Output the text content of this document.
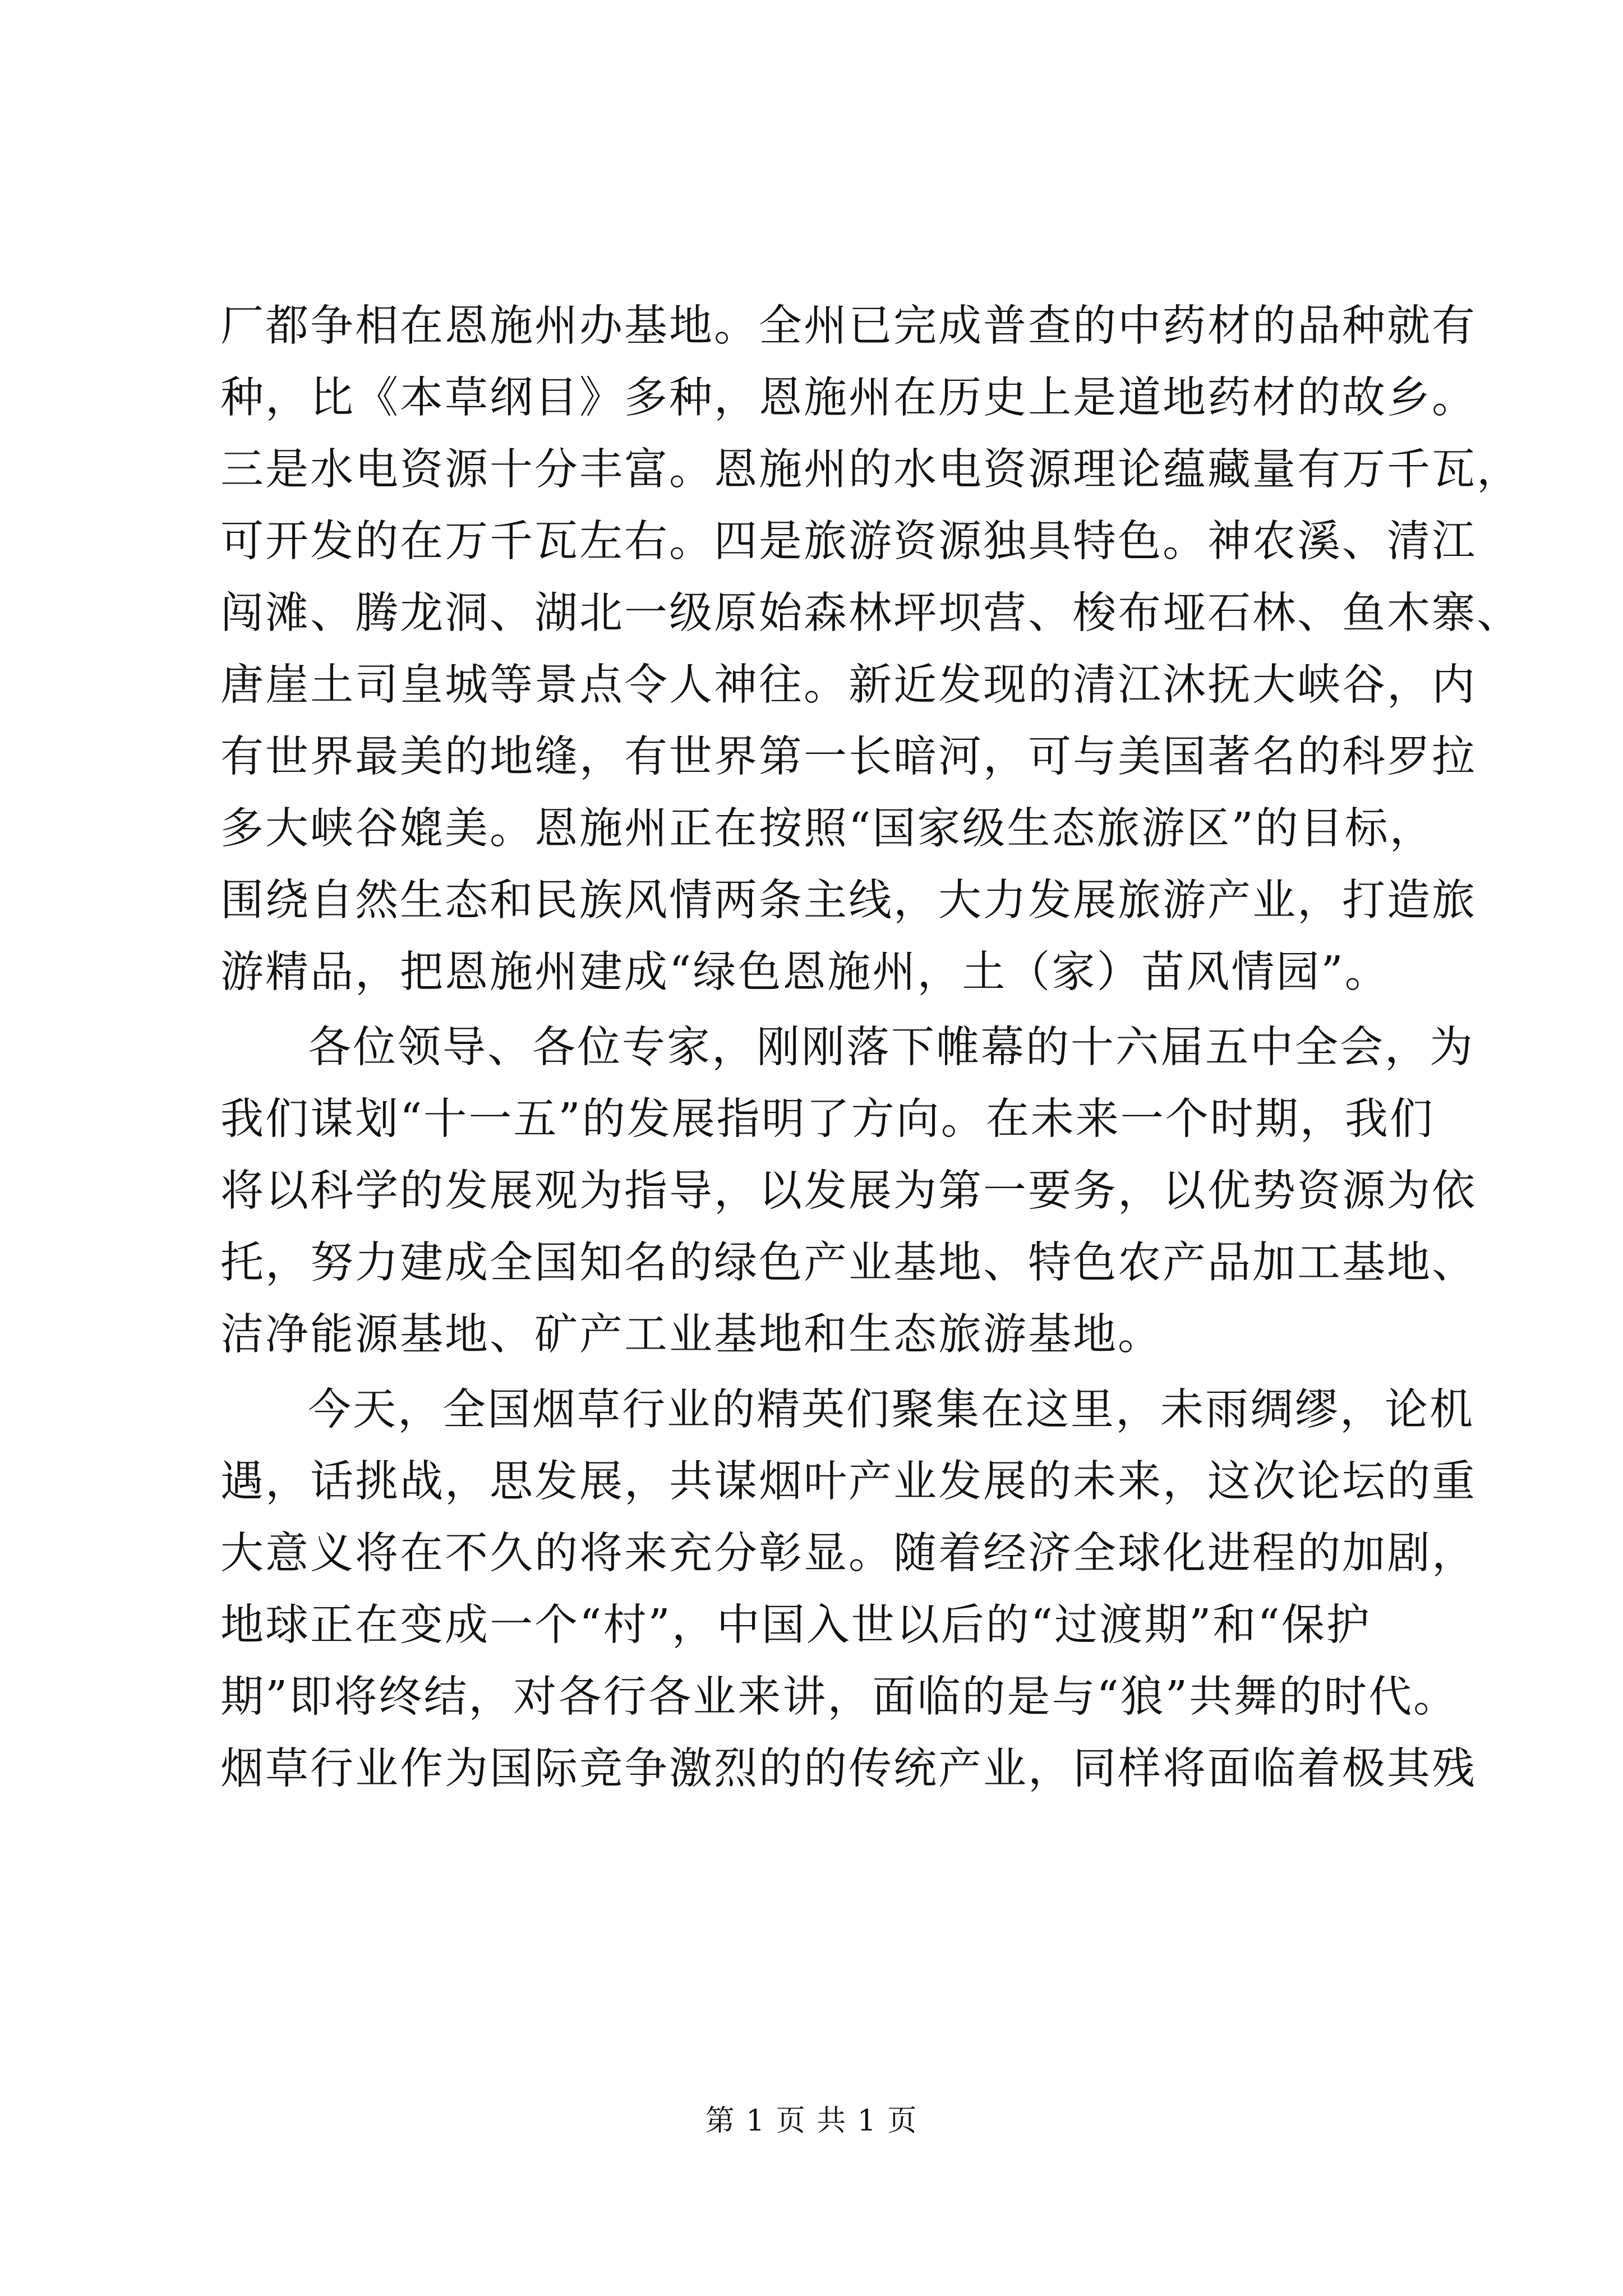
厂都争相在恩施州办基地。全州已完成普查的中药材的品种就有
种，比《本草纲目》多种，恩施州在历史上是道地药材的故乡。
三是水电资源十分丰富。恩施州的水电资源理论蕴藏量有万千瓦，
可开发的在万千瓦左右。四是旅游资源独具特色。神农溪、清江
闯滩、腾龙洞、湖北一级原始森林坪坝营、梭布垭石林、鱼木寨、
唐崖土司皇城等景点令人神往。新近发现的清江沐抚大峡谷，内
有世界最美的地缝，有世界第一长暗河，可与美国著名的科罗拉
多大峡谷媲美。恩施州正在按照“国家级生态旅游区”的目标，
围绕自然生态和民族风情两条主线，大力发展旅游产业，打造旅
游精品，把恩施州建成“绿色恩施州，土（家）苗风情园”。
各位领导、各位专家，刚刚落下帷幕的十六届五中全会，为
我们谋划“十一五”的发展指明了方向。在未来一个时期，我们
将以科学的发展观为指导，以发展为第一要务，以优势资源为依
托，努力建成全国知名的绿色产业基地、特色农产品加工基地、
洁净能源基地、矿产工业基地和生态旅游基地。
今天，全国烟草行业的精英们聚集在这里，未雨绸缪，论机
遇，话挑战，思发展，共谋烟叶产业发展的未来，这次论坛的重
大意义将在不久的将来充分彰显。随着经济全球化进程的加剧，
地球正在变成一个“村”，中国入世以后的“过渡期”和“保护
期”即将终结，对各行各业来讲，面临的是与“狼”共舞的时代。
烟草行业作为国际竞争激烈的的传统产业，同样将面临着极其残
第 1 页 共 1 页
